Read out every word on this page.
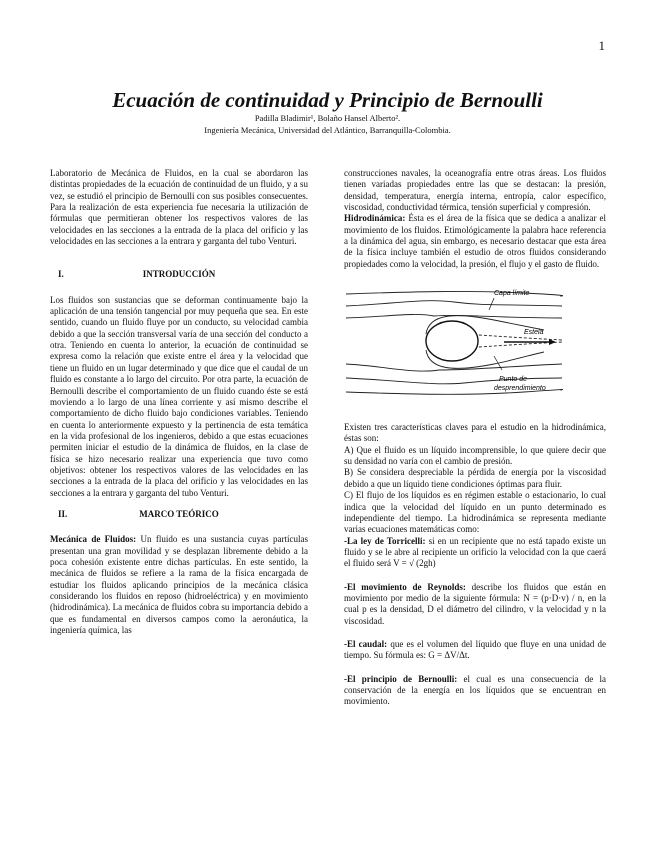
1
Ecuación de continuidad y Principio de Bernoulli
Padilla Bladimir¹, Bolaño Hansel Alberto².
Ingeniería Mecánica, Universidad del Atlántico, Barranquilla-Colombia.

Laboratorio de Mecánica de Fluidos, en la cual se abordaron las distintas propiedades de la ecuación de continuidad de un fluido, y a su vez, se estudió el principio de Bernoulli con sus posibles consecuentes. Para la realización de esta experiencia fue necesaria la utilización de fórmulas que permitieran obtener los respectivos valores de las velocidades en las secciones a la entrada de la placa del orificio y las velocidades en las secciones a la entrara y garganta del tubo Venturi.

I.	INTRODUCCIÓN

Los fluidos son sustancias que se deforman continuamente bajo la aplicación de una tensión tangencial por muy pequeña que sea. En este sentido, cuando un fluido fluye por un conducto, su velocidad cambia debido a que la sección transversal varía de una sección del conducto a otra. Teniendo en cuenta lo anterior, la ecuación de continuidad se expresa como la relación que existe entre el área y la velocidad que tiene un fluido en un lugar determinado y que dice que el caudal de un fluido es constante a lo largo del circuito. Por otra parte, la ecuación de Bernoulli describe el comportamiento de un fluido cuando éste se está moviendo a lo largo de una línea corriente y así mismo describe el comportamiento de dicho fluido bajo condiciones variables. Teniendo en cuenta lo anteriormente expuesto y la pertinencia de esta temática en la vida profesional de los ingenieros, debido a que estas ecuaciones permiten iniciar el estudio de la dinámica de fluidos, en la clase de física se hizo necesario realizar una experiencia que tuvo como objetivos: obtener los respectivos valores de las velocidades en las secciones a la entrada de la placa del orificio y las velocidades en las secciones a la entrara y garganta del tubo Venturi.

II.	MARCO TEÓRICO

Mecánica de Fluidos: Un fluido es una sustancia cuyas partículas presentan una gran movilidad y se desplazan libremente debido a la poca cohesión existente entre dichas partículas. En este sentido, la mecánica de fluidos se refiere a la rama de la física encargada de estudiar los fluidos aplicando principios de la mecánica clásica considerando los fluidos en reposo (hidroeléctrica) y en movimiento (hidrodinámica). La mecánica de fluidos cobra su importancia debido a que es fundamental en diversos campos como la aeronáutica, la ingeniería química, las

construcciones navales, la oceanografía entre otras áreas. Los fluidos tienen variadas propiedades entre las que se destacan: la presión, densidad, temperatura, energía interna, entropía, calor específico, viscosidad, conductividad térmica, tensión superficial y compresión.

Hidrodinámica: Ésta es el área de la física que se dedica a analizar el movimiento de los fluidos. Etimológicamente la palabra hace referencia a la dinámica del agua, sin embargo, es necesario destacar que esta área de la física incluye también el estudio de otros fluidos considerando propiedades como la velocidad, la presión, el flujo y el gasto de fluido.

Capa límite
Estela
Punto de
desprendimiento

Existen tres características claves para el estudio en la hidrodinámica, éstas son:

A) Que el fluido es un líquido incomprensible, lo que quiere decir que su densidad no varía con el cambio de presión.

B) Se considera despreciable la pérdida de energía por la viscosidad debido a que un líquido tiene condiciones óptimas para fluir.

C) El flujo de los líquidos es en régimen estable o estacionario, lo cual indica que la velocidad del líquido en un punto determinado es independiente del tiempo. La hidrodinámica se representa mediante varias ecuaciones matemáticas como:

-La ley de Torricelli: si en un recipiente que no está tapado existe un fluido y se le abre al recipiente un orificio la velocidad con la que caerá el fluido será V = √ (2gh)

-El movimiento de Reynolds: describe los fluidos que están en movimiento por medio de la siguiente fórmula: N = (p·D·v) / n, en la cual p es la densidad, D el diámetro del cilindro, v la velocidad y n la viscosidad.

-El caudal: que es el volumen del líquido que fluye en una unidad de tiempo. Su fórmula es: G = ΔV/Δt.

-El principio de Bernoulli: el cual es una consecuencia de la conservación de la energía en los líquidos que se encuentran en movimiento.
